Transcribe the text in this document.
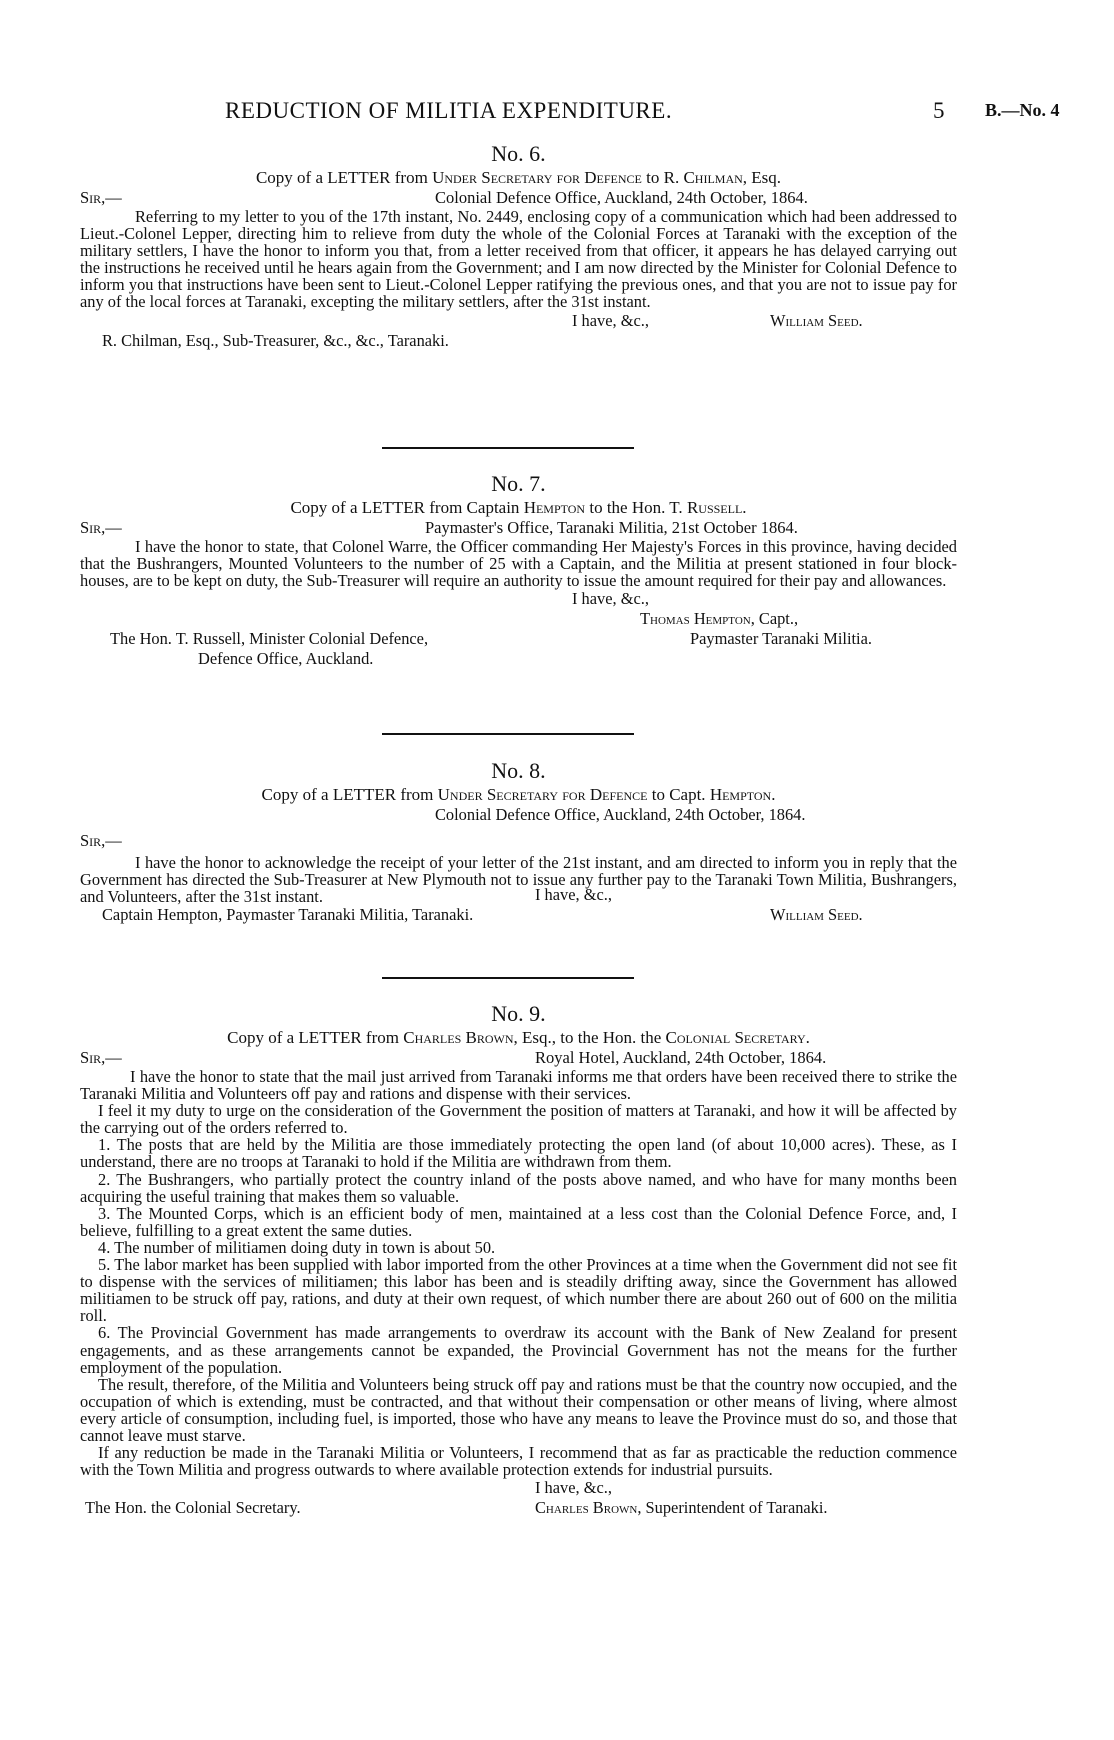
REDUCTION OF MILITIA EXPENDITURE.	5 B.—No. 4

No. 6.

Copy of a LETTER from Under Secretary for Defence to R. Chilman, Esq.

Sir,—	Colonial Defence Office, Auckland, 24th October, 1864.

Referring to my letter to you of the 17th instant, No. 2449, enclosing copy of a communication which had been addressed to Lieut.-Colonel Lepper, directing him to relieve from duty the whole of the Colonial Forces at Taranaki with the exception of the military settlers, I have the honor to inform you that, from a letter received from that officer, it appears he has delayed carrying out the instructions he received until he hears again from the Government; and I am now directed by the Minister for Colonial Defence to inform you that instructions have been sent to Lieut.-Colonel Lepper ratifying the previous ones, and that you are not to issue pay for any of the local forces at Taranaki, excepting the military settlers, after the 31st instant.

I have, &c.,	William Seed.
R. Chilman, Esq., Sub-Treasurer, &c., &c., Taranaki.

No. 7.

Copy of a LETTER from Captain Hempton to the Hon. T. Russell.

Sir,—	Paymaster's Office, Taranaki Militia, 21st October 1864.

I have the honor to state, that Colonel Warre, the Officer commanding Her Majesty's Forces in this province, having decided that the Bushrangers, Mounted Volunteers to the number of 25 with a Captain, and the Militia at present stationed in four block-houses, are to be kept on duty, the Sub-Treasurer will require an authority to issue the amount required for their pay and allowances.

I have, &c.,
Thomas Hempton, Capt.,
The Hon. T. Russell, Minister Colonial Defence,	Paymaster Taranaki Militia.
Defence Office, Auckland.

No. 8.

Copy of a LETTER from Under Secretary for Defence to Capt. Hempton.

Colonial Defence Office, Auckland, 24th October, 1864.
Sir,—

I have the honor to acknowledge the receipt of your letter of the 21st instant, and am directed to inform you in reply that the Government has directed the Sub-Treasurer at New Plymouth not to issue any further pay to the Taranaki Town Militia, Bushrangers, and Volunteers, after the 31st instant.	I have, &c.,
Captain Hempton, Paymaster Taranaki Militia, Taranaki.	William Seed.

No. 9.

Copy of a LETTER from Charles Brown, Esq., to the Hon. the Colonial Secretary.

Sir,—	Royal Hotel, Auckland, 24th October, 1864.

I have the honor to state that the mail just arrived from Taranaki informs me that orders have been received there to strike the Taranaki Militia and Volunteers off pay and rations and dispense with their services.

I feel it my duty to urge on the consideration of the Government the position of matters at Taranaki, and how it will be affected by the carrying out of the orders referred to.

1. The posts that are held by the Militia are those immediately protecting the open land (of about 10,000 acres). These, as I understand, there are no troops at Taranaki to hold if the Militia are withdrawn from them.

2. The Bushrangers, who partially protect the country inland of the posts above named, and who have for many months been acquiring the useful training that makes them so valuable.

3. The Mounted Corps, which is an efficient body of men, maintained at a less cost than the Colonial Defence Force, and, I believe, fulfilling to a great extent the same duties.

4. The number of militiamen doing duty in town is about 50.

5. The labor market has been supplied with labor imported from the other Provinces at a time when the Government did not see fit to dispense with the services of militiamen; this labor has been and is steadily drifting away, since the Government has allowed militiamen to be struck off pay, rations, and duty at their own request, of which number there are about 260 out of 600 on the militia roll.

6. The Provincial Government has made arrangements to overdraw its account with the Bank of New Zealand for present engagements, and as these arrangements cannot be expanded, the Provincial Government has not the means for the further employment of the population.

The result, therefore, of the Militia and Volunteers being struck off pay and rations must be that the country now occupied, and the occupation of which is extending, must be contracted, and that without their compensation or other means of living, where almost every article of consumption, including fuel, is imported, those who have any means to leave the Province must do so, and those that cannot leave must starve.

If any reduction be made in the Taranaki Militia or Volunteers, I recommend that as far as practicable the reduction commence with the Town Militia and progress outwards to where available protection extends for industrial pursuits.

I have, &c.,
The Hon. the Colonial Secretary.	Charles Brown, Superintendent of Taranaki.
